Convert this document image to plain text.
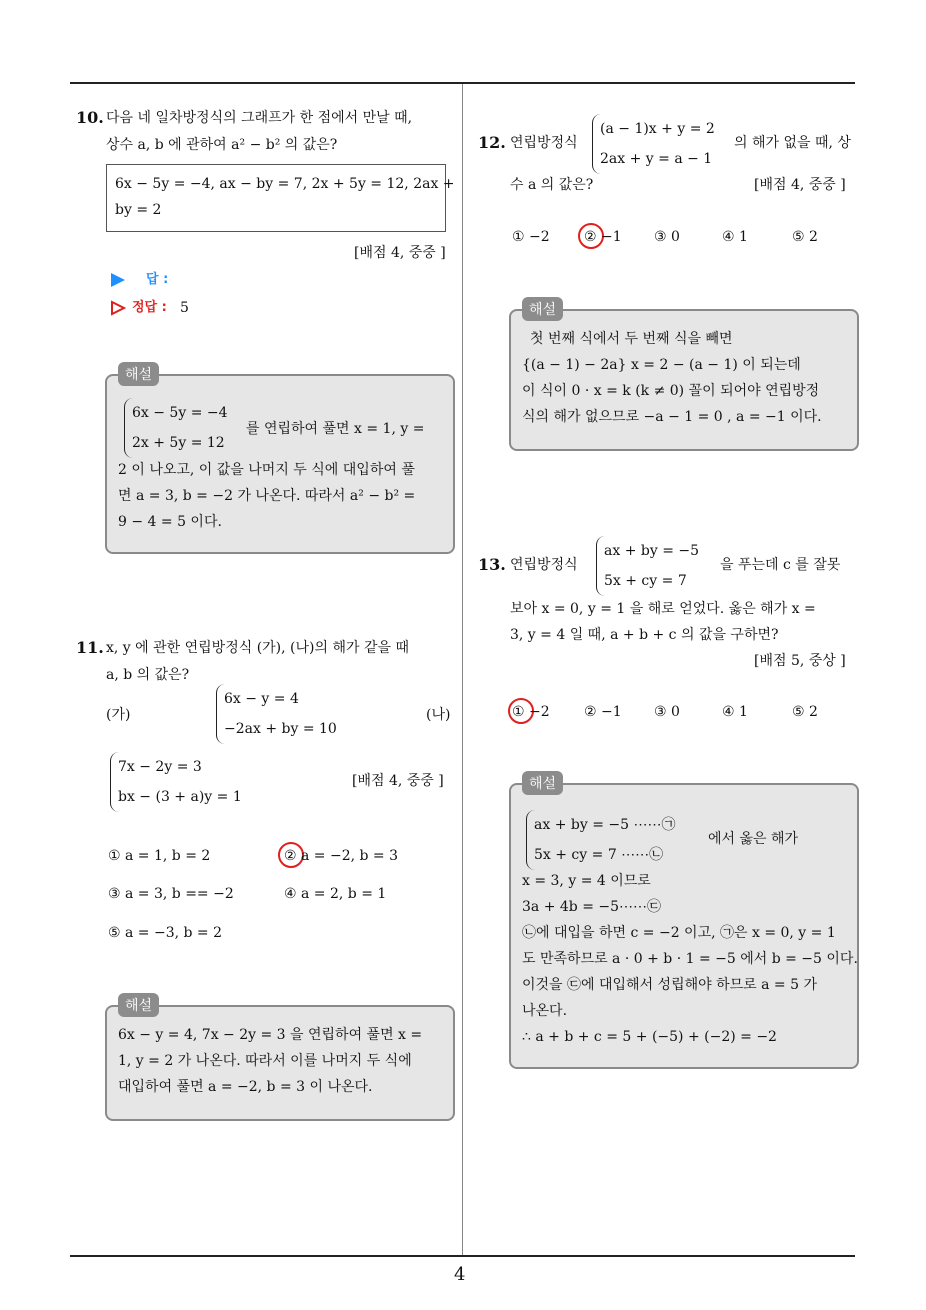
4
10. 다음 네 일차방정식의 그래프가 한 점에서 만날 때,
상수 a, b 에 관하여 a² − b² 의 값은?
6x − 5y = −4, ax − by = 7, 2x + 5y = 12, 2ax +
by = 2
[배점 4, 중중 ]
답 :
정답 : 5
해설
6x − 5y = −4
2x + 5y = 12
를 연립하여 풀면 x = 1, y =
2 이 나오고, 이 값을 나머지 두 식에 대입하여 풀
면 a = 3, b = −2 가 나온다. 따라서 a² − b² =
9 − 4 = 5 이다.
11. x, y 에 관한 연립방정식 (가), (나)의 해가 같을 때
a, b 의 값은?
(가)
6x − y = 4
−2ax + by = 10
(나)
7x − 2y = 3
bx − (3 + a)y = 1
[배점 4, 중중 ]
① a = 1, b = 2	② a = −2, b = 3
③ a = 3, b == −2	④ a = 2, b = 1
⑤ a = −3, b = 2
해설
6x − y = 4, 7x − 2y = 3 을 연립하여 풀면 x =
1, y = 2 가 나온다. 따라서 이를 나머지 두 식에
대입하여 풀면 a = −2, b = 3 이 나온다.
12. 연립방정식
(a − 1)x + y = 2
2ax + y = a − 1
의 해가 없을 때, 상
수 a 의 값은?	[배점 4, 중중 ]
① −2 ② −1 ③ 0	④ 1	⑤ 2
해설
첫 번째 식에서 두 번째 식을 빼면
{(a − 1) − 2a} x = 2 − (a − 1) 이 되는데
이 식이 0 · x = k (k ≠ 0) 꼴이 되어야 연립방정
식의 해가 없으므로 −a − 1 = 0 , a = −1 이다.
13. 연립방정식
ax + by = −5
5x + cy = 7
을 푸는데 c 를 잘못
보아 x = 0, y = 1 을 해로 얻었다. 옳은 해가 x =
3, y = 4 일 때, a + b + c 의 값을 구하면?
[배점 5, 중상 ]
① −2 ② −1 ③ 0	④ 1	⑤ 2
해설
ax + by = −5 ⋯⋯㉠
5x + cy = 7 ⋯⋯㉡
에서 옳은 해가
x = 3, y = 4 이므로
3a + 4b = −5⋯⋯㉢
㉡에 대입을 하면 c = −2 이고, ㉠은 x = 0, y = 1
도 만족하므로 a · 0 + b · 1 = −5 에서 b = −5 이다.
이것을 ㉢에 대입해서 성립해야 하므로 a = 5 가
나온다.
∴ a + b + c = 5 + (−5) + (−2) = −2
